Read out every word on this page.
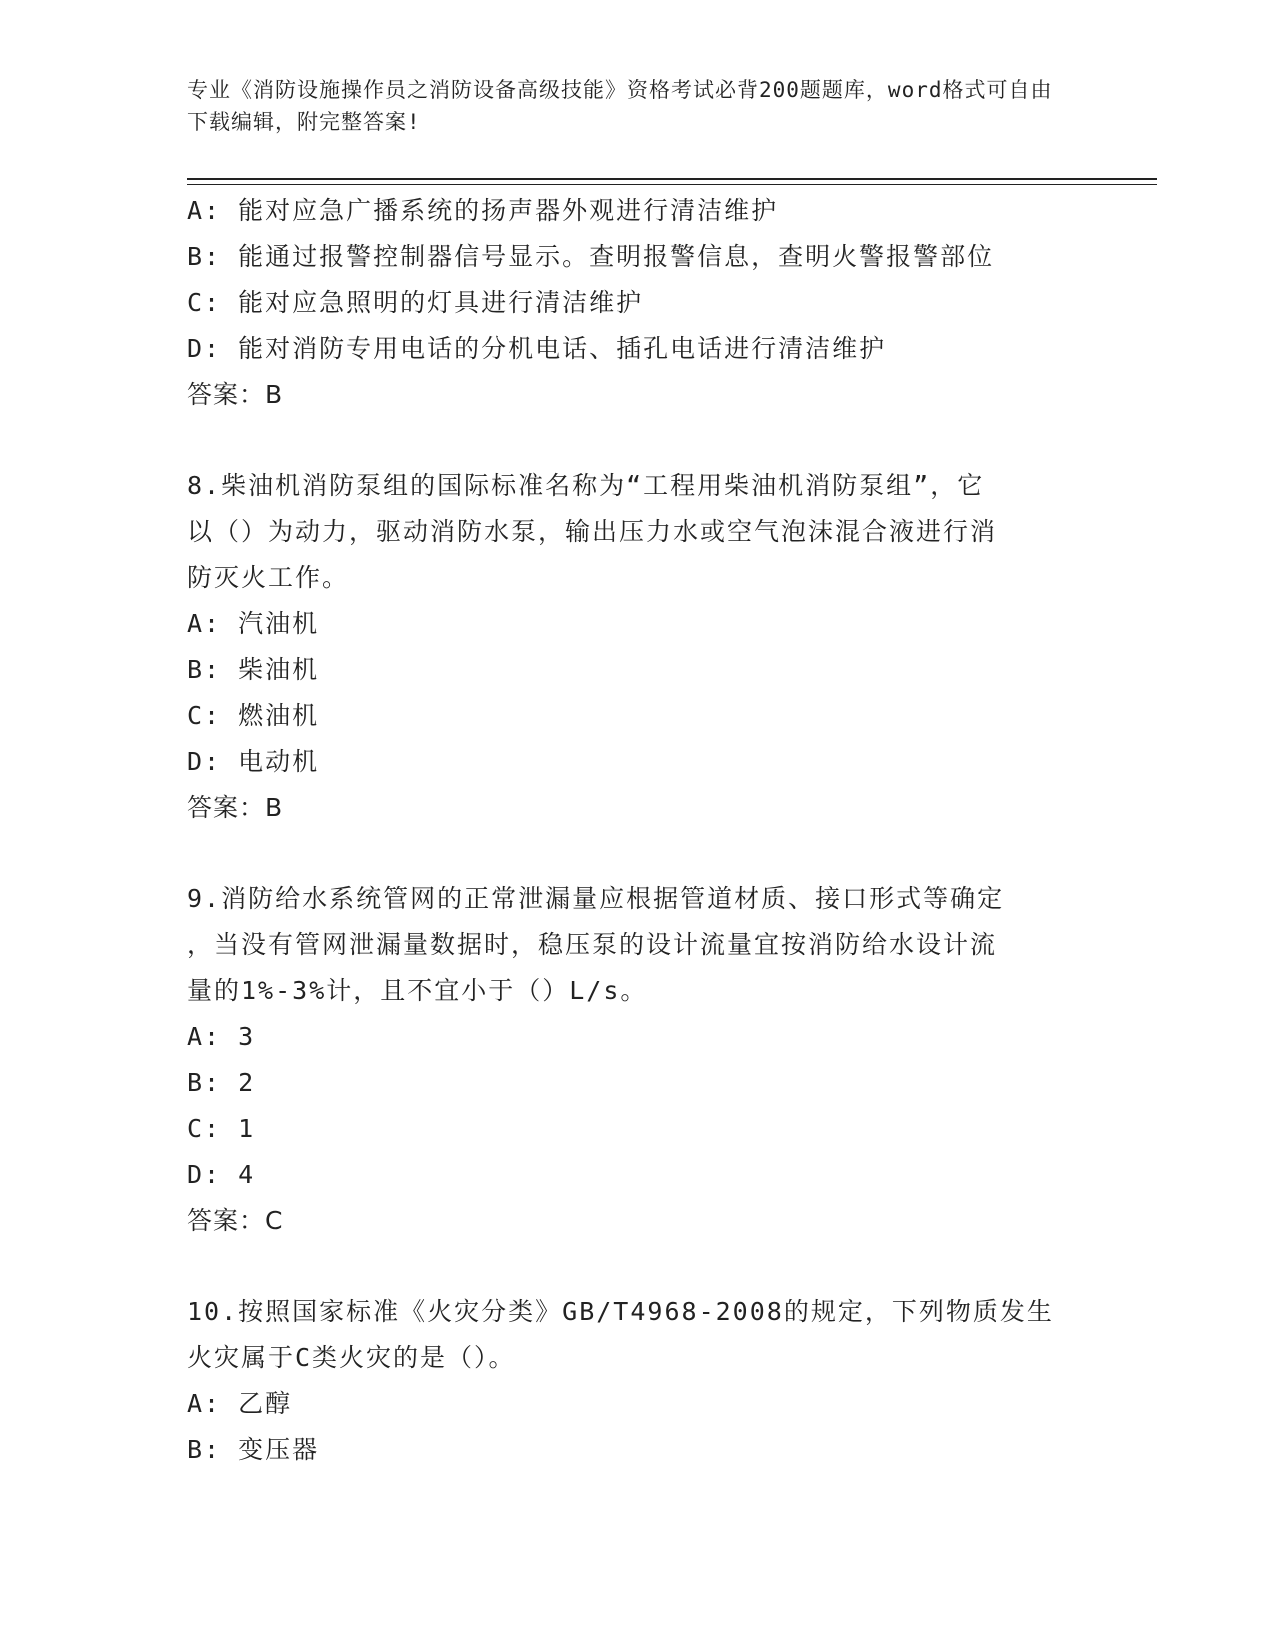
专业《消防设施操作员之消防设备高级技能》资格考试必背200题题库，word格式可自由下载编辑，附完整答案!
A: 能对应急广播系统的扬声器外观进行清洁维护
B: 能通过报警控制器信号显示。查明报警信息，查明火警报警部位
C: 能对应急照明的灯具进行清洁维护
D: 能对消防专用电话的分机电话、插孔电话进行清洁维护
答案：B
8.柴油机消防泵组的国际标准名称为“工程用柴油机消防泵组”，它
以（）为动力，驱动消防水泵，输出压力水或空气泡沫混合液进行消
防灭火工作。
A: 汽油机
B: 柴油机
C: 燃油机
D: 电动机
答案：B
9.消防给水系统管网的正常泄漏量应根据管道材质、接口形式等确定
，当没有管网泄漏量数据时，稳压泵的设计流量宜按消防给水设计流
量的1%-3%计，且不宜小于（）L/s。
A: 3
B: 2
C: 1
D: 4
答案：C
10.按照国家标准《火灾分类》GB/T4968-2008的规定，下列物质发生
火灾属于C类火灾的是（）。
A: 乙醇
B: 变压器
